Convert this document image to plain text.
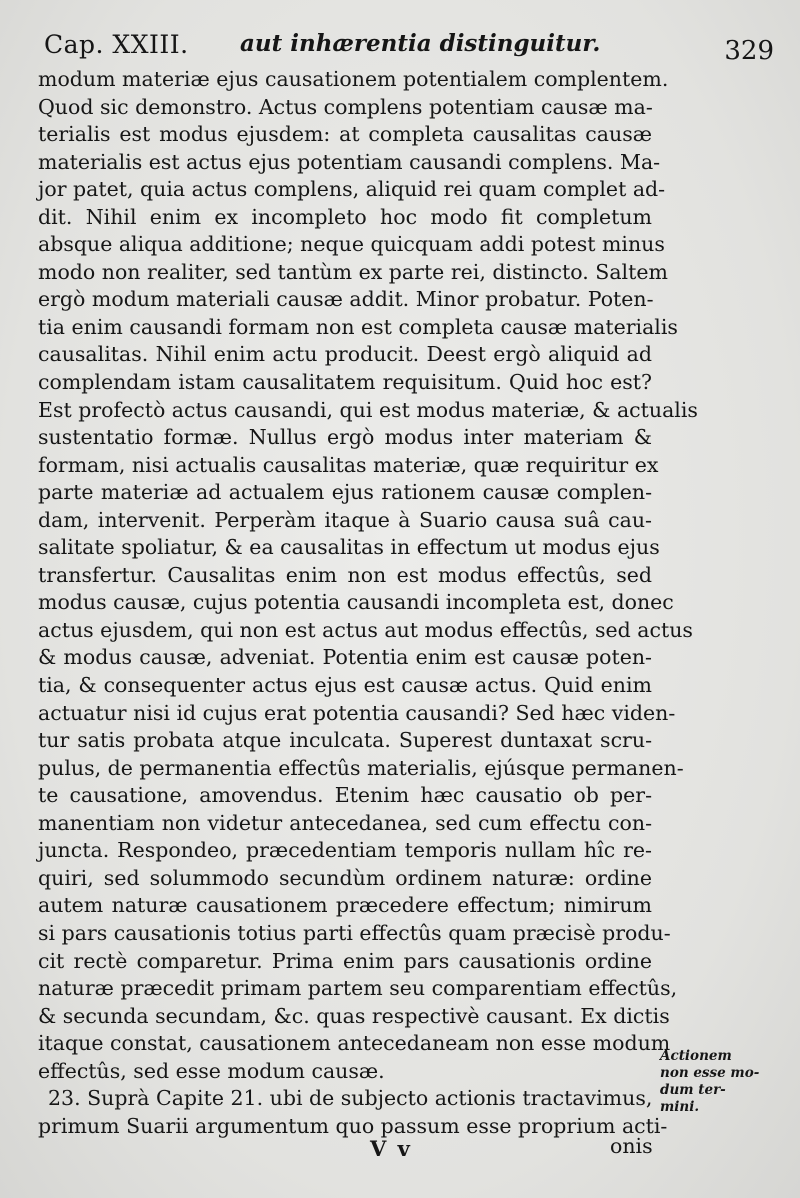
Cap. XXIII. aut inhærentia distinguitur.	329
modum materiæ ejus causationem potentialem complentem.
Quod sic demonstro. Actus complens potentiam causæ ma-
terialis est modus ejusdem: at completa causalitas causæ
materialis est actus ejus potentiam causandi complens. Ma-
jor patet, quia actus complens, aliquid rei quam complet ad-
dit. Nihil enim ex incompleto hoc modo fit completum
absque aliqua additione; neque quicquam addi potest minus
modo non realiter, sed tantùm ex parte rei, distincto. Saltem
ergò modum materiali causæ addit. Minor probatur. Poten-
tia enim causandi formam non est completa causæ materialis
causalitas. Nihil enim actu producit. Deest ergò aliquid ad
complendam istam causalitatem requisitum. Quid hoc est?
Est profectò actus causandi, qui est modus materiæ, & actualis
sustentatio formæ. Nullus ergò modus inter materiam &
formam, nisi actualis causalitas materiæ, quæ requiritur ex
parte materiæ ad actualem ejus rationem causæ complen-
dam, intervenit. Perperàm itaque à Suario causa suâ cau-
salitate spoliatur, & ea causalitas in effectum ut modus ejus
transfertur. Causalitas enim non est modus effectûs, sed
modus causæ, cujus potentia causandi incompleta est, donec
actus ejusdem, qui non est actus aut modus effectûs, sed actus
& modus causæ, adveniat. Potentia enim est causæ poten-
tia, & consequenter actus ejus est causæ actus. Quid enim
actuatur nisi id cujus erat potentia causandi? Sed hæc viden-
tur satis probata atque inculcata. Superest duntaxat scru-
pulus, de permanentia effectûs materialis, ejúsque permanen-
te causatione, amovendus. Etenim hæc causatio ob per-
manentiam non videtur antecedanea, sed cum effectu con-
juncta. Respondeo, præcedentiam temporis nullam hîc re-
quiri, sed solummodo secundùm ordinem naturæ: ordine
autem naturæ causationem præcedere effectum; nimirum
si pars causationis totius parti effectûs quam præcisè produ-
cit rectè comparetur. Prima enim pars causationis ordine
naturæ præcedit primam partem seu comparentiam effectûs,
& secunda secundam, &c. quas respectivè causant. Ex dictis
itaque constat, causationem antecedaneam non esse modum
effectûs, sed esse modum causæ.
23. Suprà Capite 21. ubi de subjecto actionis tractavimus,
primum Suarii argumentum quo passum esse proprium acti-
Actionem
non esse mo-
dum ter-
mini.
V v	onis
